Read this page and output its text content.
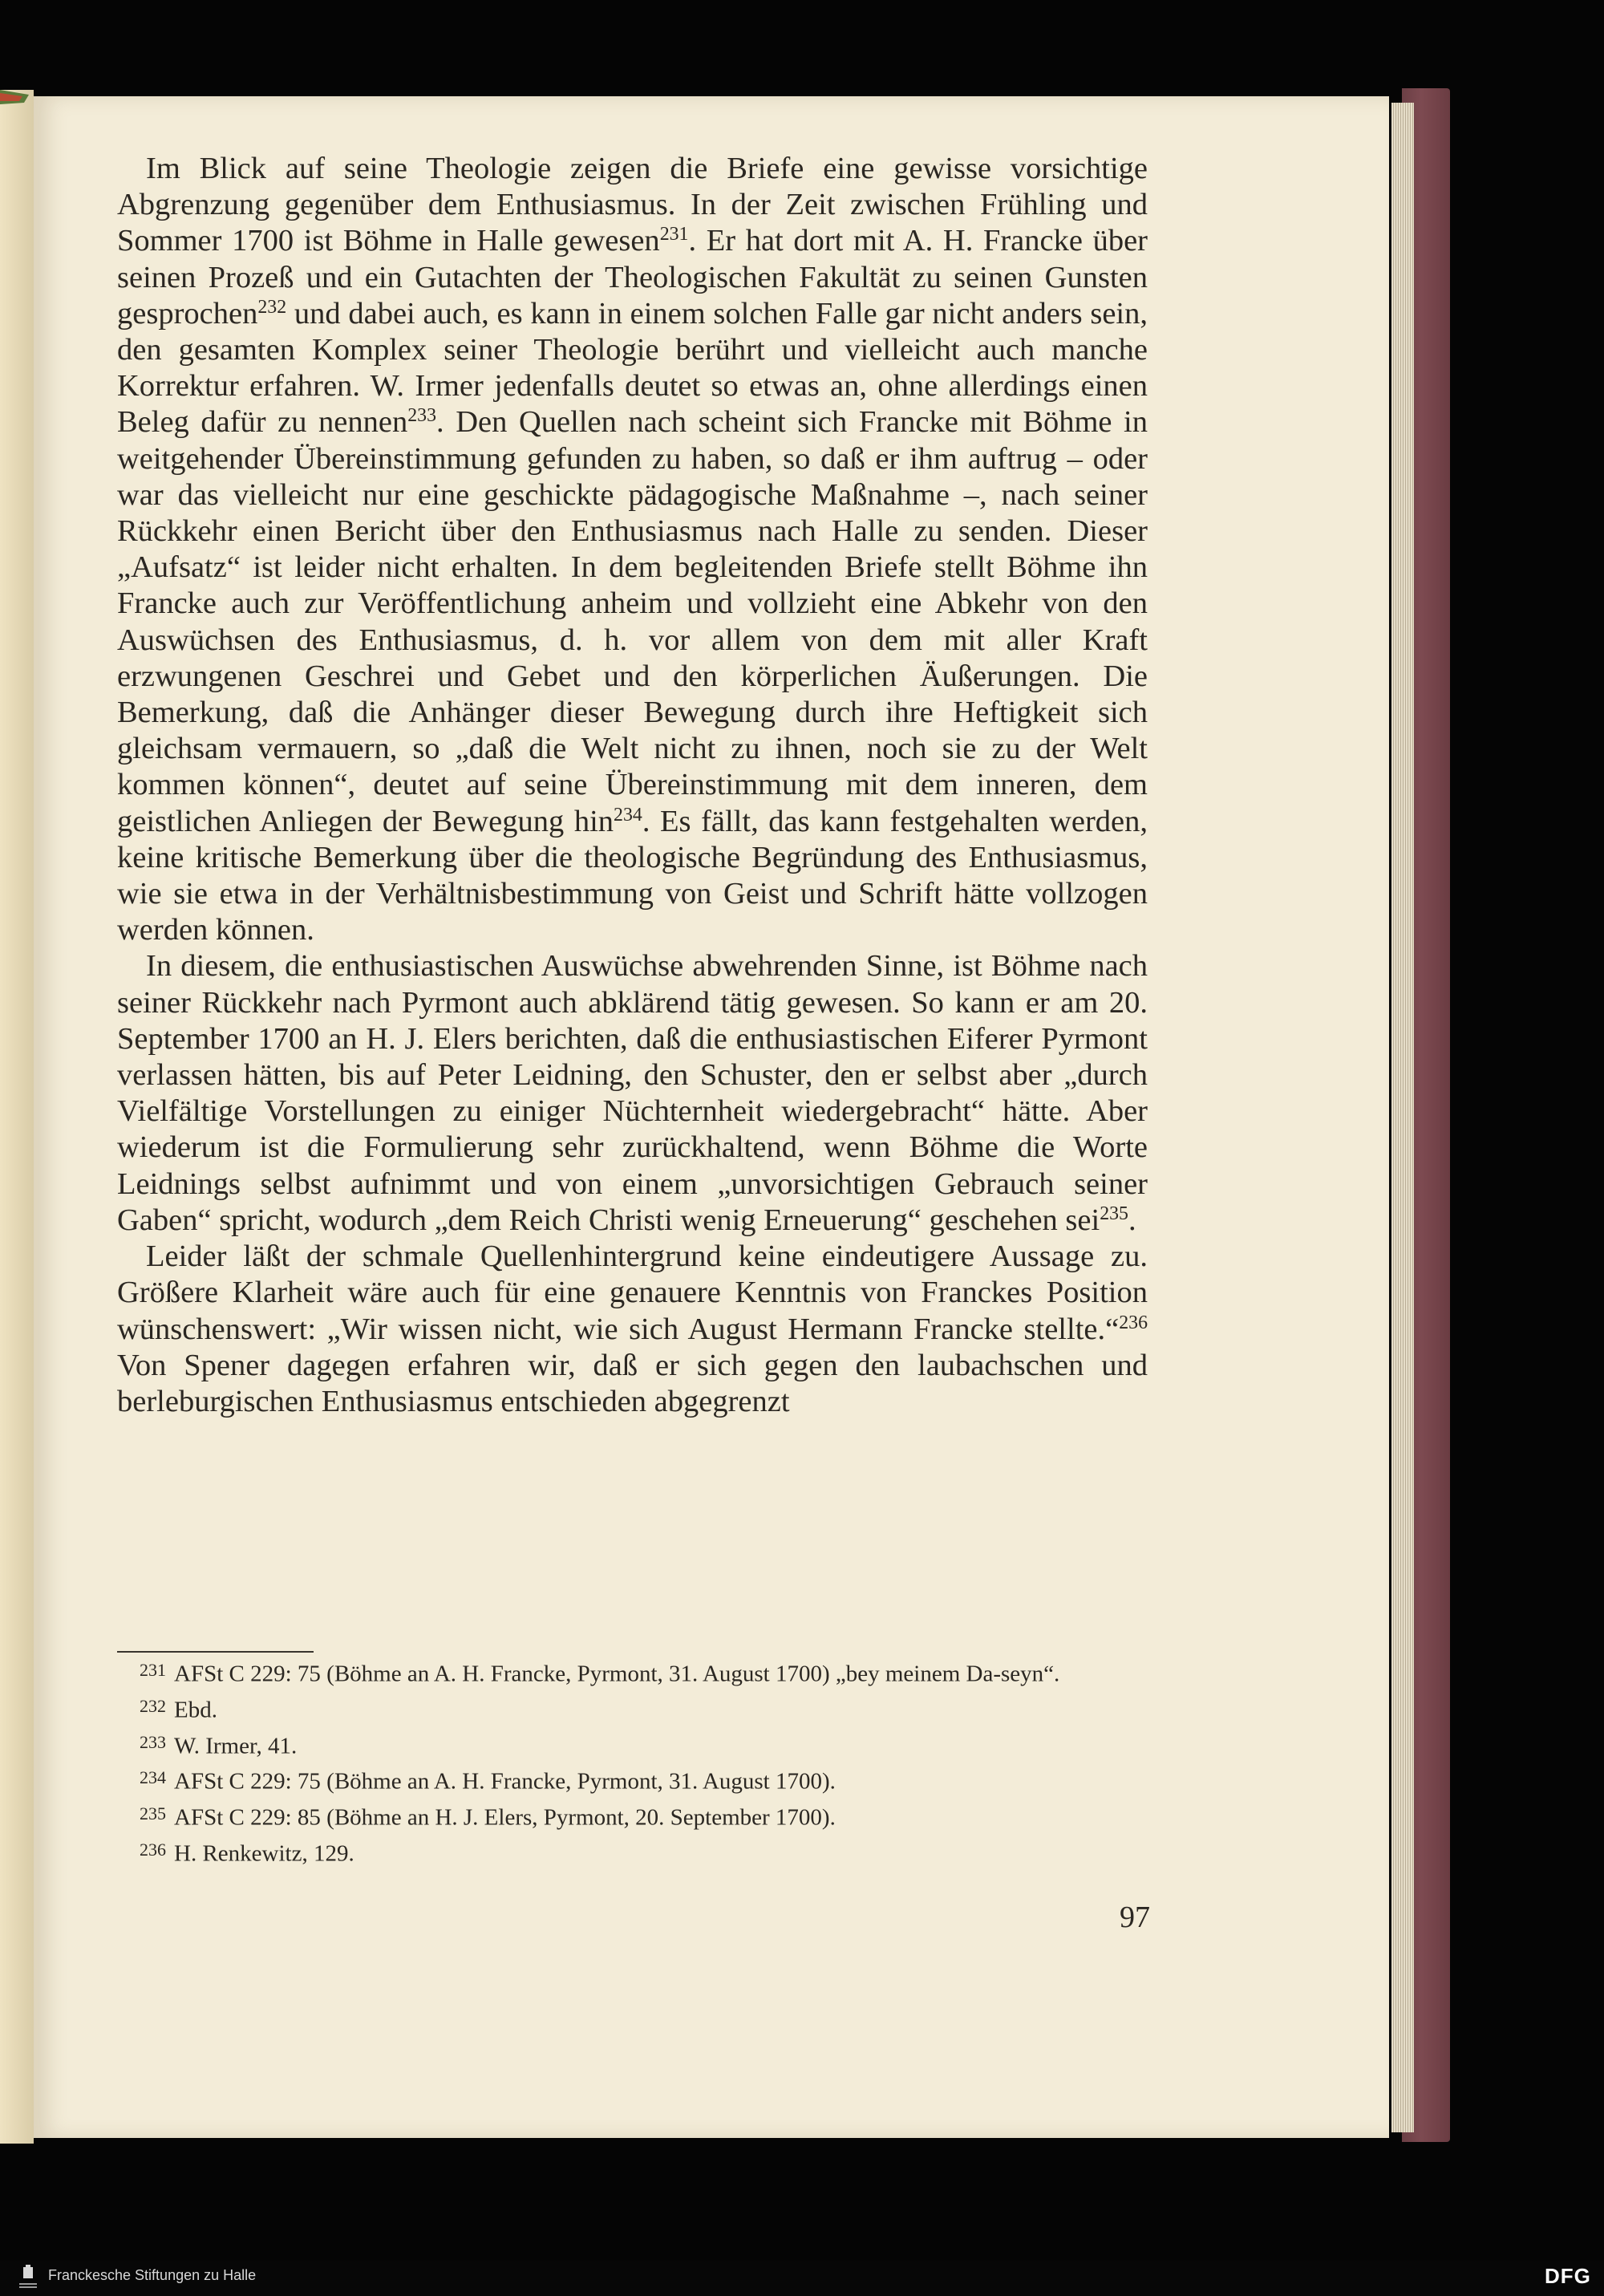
Im Blick auf seine Theologie zeigen die Briefe eine gewisse vorsichtige Abgrenzung gegenüber dem Enthusiasmus. In der Zeit zwischen Frühling und Sommer 1700 ist Böhme in Halle gewesen$^{231}$. Er hat dort mit A. H. Francke über seinen Prozeß und ein Gutachten der Theologischen Fakultät zu seinen Gunsten gesprochen$^{232}$ und dabei auch, es kann in einem solchen Falle gar nicht anders sein, den gesamten Komplex seiner Theologie berührt und vielleicht auch manche Korrektur erfahren. W. Irmer jedenfalls deutet so etwas an, ohne allerdings einen Beleg dafür zu nennen$^{233}$. Den Quellen nach scheint sich Francke mit Böhme in weitgehender Übereinstimmung gefunden zu haben, so daß er ihm auftrug – oder war das vielleicht nur eine geschickte pädagogische Maßnahme –, nach seiner Rückkehr einen Bericht über den Enthusiasmus nach Halle zu senden. Dieser „Aufsatz“ ist leider nicht erhalten. In dem begleitenden Briefe stellt Böhme ihn Francke auch zur Veröffentlichung anheim und vollzieht eine Abkehr von den Auswüchsen des Enthusiasmus, d. h. vor allem von dem mit aller Kraft erzwungenen Geschrei und Gebet und den körperlichen Äußerungen. Die Bemerkung, daß die Anhänger dieser Bewegung durch ihre Heftigkeit sich gleichsam vermauern, so „daß die Welt nicht zu ihnen, noch sie zu der Welt kommen können“, deutet auf seine Übereinstimmung mit dem inneren, dem geistlichen Anliegen der Bewegung hin$^{234}$. Es fällt, das kann festgehalten werden, keine kritische Bemerkung über die theologische Begründung des Enthusiasmus, wie sie etwa in der Verhältnisbestimmung von Geist und Schrift hätte vollzogen werden können.

In diesem, die enthusiastischen Auswüchse abwehrenden Sinne, ist Böhme nach seiner Rückkehr nach Pyrmont auch abklärend tätig gewesen. So kann er am 20. September 1700 an H. J. Elers berichten, daß die enthusiastischen Eiferer Pyrmont verlassen hätten, bis auf Peter Leidning, den Schuster, den er selbst aber „durch Vielfältige Vorstellungen zu einiger Nüchternheit wiedergebracht“ hätte. Aber wiederum ist die Formulierung sehr zurückhaltend, wenn Böhme die Worte Leidnings selbst aufnimmt und von einem „unvorsichtigen Gebrauch seiner Gaben“ spricht, wodurch „dem Reich Christi wenig Erneuerung“ geschehen sei$^{235}$.

Leider läßt der schmale Quellenhintergrund keine eindeutigere Aussage zu. Größere Klarheit wäre auch für eine genauere Kenntnis von Franckes Position wünschenswert: „Wir wissen nicht, wie sich August Hermann Francke stellte.“$^{236}$ Von Spener dagegen erfahren wir, daß er sich gegen den laubachschen und berleburgischen Enthusiasmus entschieden abgegrenzt

$^{231}$ AFSt C 229: 75 (Böhme an A. H. Francke, Pyrmont, 31. August 1700) „bey meinem Da-seyn“.
$^{232}$ Ebd.
$^{233}$ W. Irmer, 41.
$^{234}$ AFSt C 229: 75 (Böhme an A. H. Francke, Pyrmont, 31. August 1700).
$^{235}$ AFSt C 229: 85 (Böhme an H. J. Elers, Pyrmont, 20. September 1700).
$^{236}$ H. Renkewitz, 129.
97
Franckesche Stiftungen zu Halle	DFG
